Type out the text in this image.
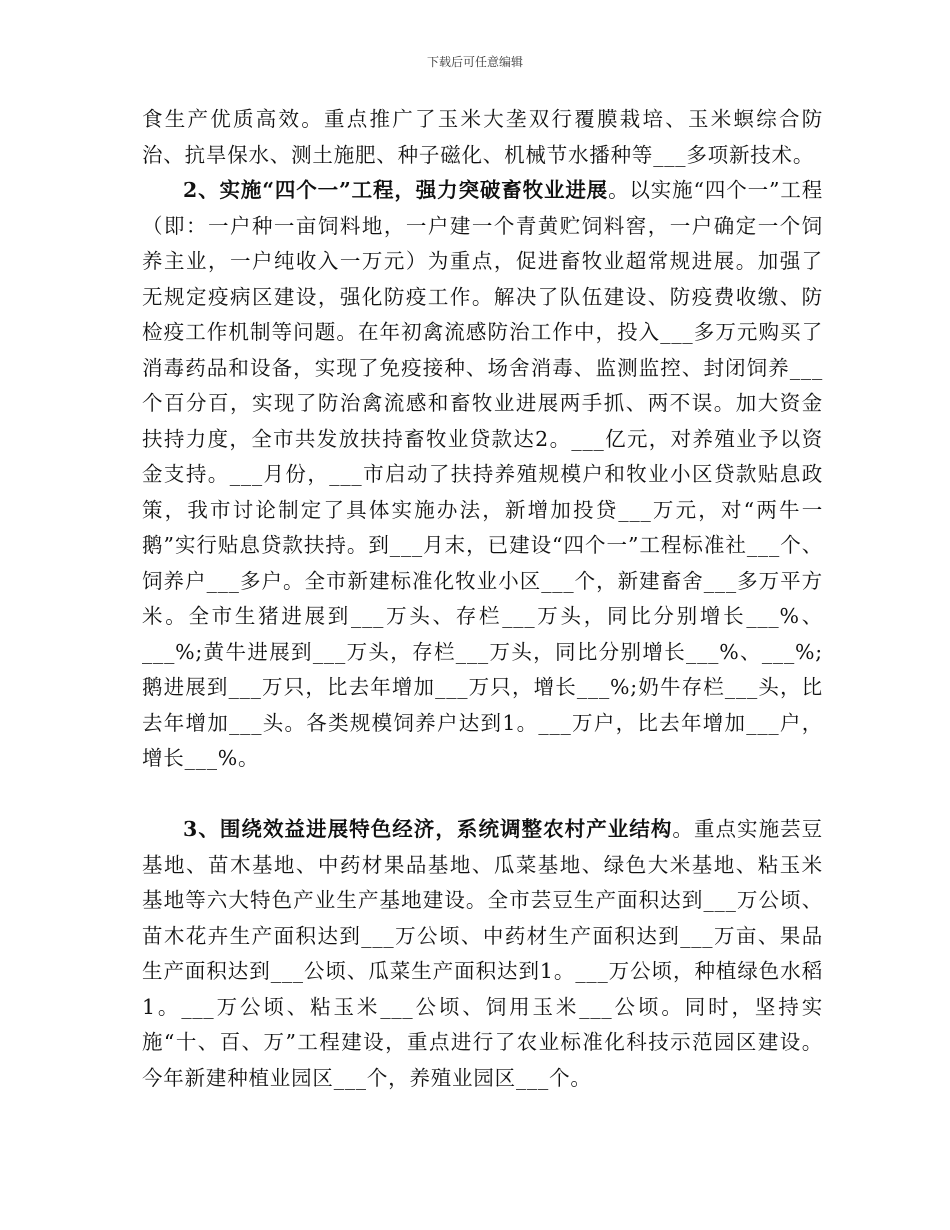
下载后可任意编辑

食生产优质高效。重点推广了玉米大垄双行覆膜栽培、玉米螟综合防治、抗旱保水、测土施肥、种子磁化、机械节水播种等___多项新技术。

2、实施“四个一”工程，强力突破畜牧业进展。以实施“四个一”工程（即：一户种一亩饲料地，一户建一个青黄贮饲料窖，一户确定一个饲养主业，一户纯收入一万元）为重点，促进畜牧业超常规进展。加强了无规定疫病区建设，强化防疫工作。解决了队伍建设、防疫费收缴、防检疫工作机制等问题。在年初禽流感防治工作中，投入___多万元购买了消毒药品和设备，实现了免疫接种、场舍消毒、监测监控、封闭饲养___个百分百，实现了防治禽流感和畜牧业进展两手抓、两不误。加大资金扶持力度，全市共发放扶持畜牧业贷款达2。___亿元，对养殖业予以资金支持。___月份，___市启动了扶持养殖规模户和牧业小区贷款贴息政策，我市讨论制定了具体实施办法，新增加投贷___万元，对“两牛一鹅”实行贴息贷款扶持。到___月末，已建设“四个一”工程标准社___个、饲养户___多户。全市新建标准化牧业小区___个，新建畜舍___多万平方米。全市生猪进展到___万头、存栏___万头，同比分别增长___%、___%;黄牛进展到___万头，存栏___万头，同比分别增长___%、___%;鹅进展到___万只，比去年增加___万只，增长___%;奶牛存栏___头，比去年增加___头。各类规模饲养户达到1。___万户，比去年增加___户，增长___%。

3、围绕效益进展特色经济，系统调整农村产业结构。重点实施芸豆基地、苗木基地、中药材果品基地、瓜菜基地、绿色大米基地、粘玉米基地等六大特色产业生产基地建设。全市芸豆生产面积达到___万公顷、苗木花卉生产面积达到___万公顷、中药材生产面积达到___万亩、果品生产面积达到___公顷、瓜菜生产面积达到1。___万公顷，种植绿色水稻1。___万公顷、粘玉米___公顷、饲用玉米___公顷。同时，坚持实施“十、百、万”工程建设，重点进行了农业标准化科技示范园区建设。今年新建种植业园区___个，养殖业园区___个。
